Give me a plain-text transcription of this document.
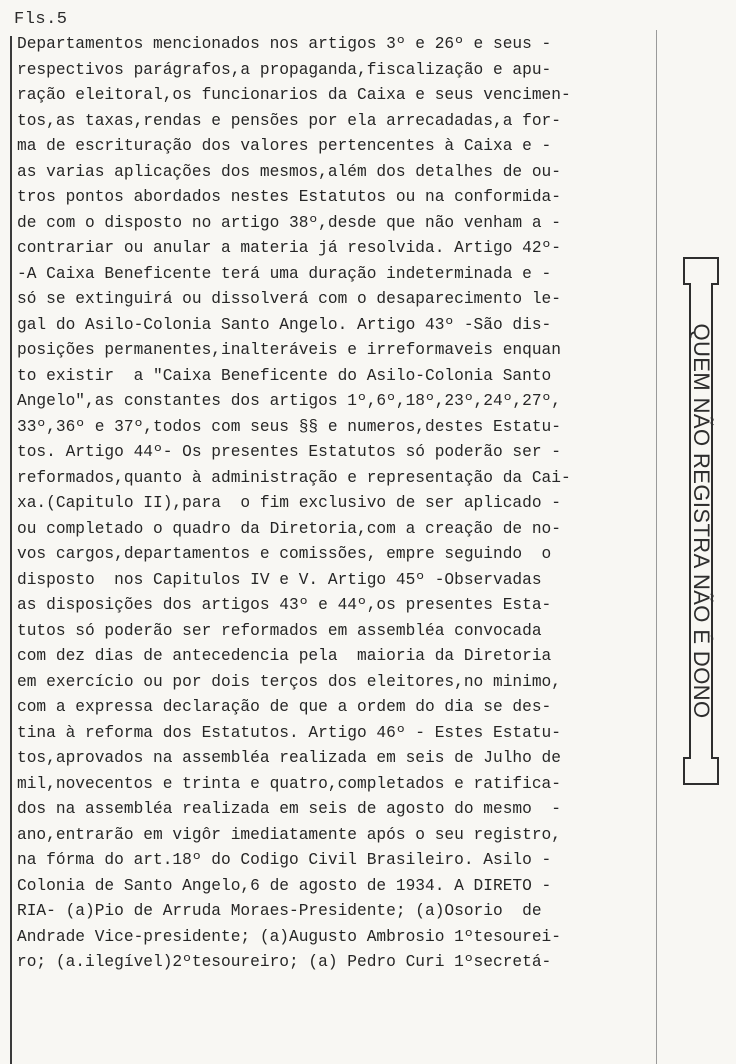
Fls.5
Departamentos mencionados nos artigos 3º e 26º e seus -
respectivos parágrafos,a propaganda,fiscalização e apu-
ração eleitoral,os funcionarios da Caixa e seus vencimen-
tos,as taxas,rendas e pensões por ela arrecadadas,a for-
ma de escrituração dos valores pertencentes à Caixa e -
as varias aplicações dos mesmos,além dos detalhes de ou-
tros pontos abordados nestes Estatutos ou na conformida-
de com o disposto no artigo 38º,desde que não venham a -
contrariar ou anular a materia já resolvida. Artigo 42º-
-A Caixa Beneficente terá uma duração indeterminada e -
só se extinguirá ou dissolverá com o desaparecimento le-
gal do Asilo-Colonia Santo Angelo. Artigo 43º -São dis-
posições permanentes,inalteráveis e irreformaveis enquan
to existir  a "Caixa Beneficente do Asilo-Colonia Santo
Angelo",as constantes dos artigos 1º,6º,18º,23º,24º,27º,
33º,36º e 37º,todos com seus §§ e numeros,destes Estatu-
tos. Artigo 44º- Os presentes Estatutos só poderão ser -
reformados,quanto à administração e representação da Cai-
xa.(Capitulo II),para  o fim exclusivo de ser aplicado -
ou completado o quadro da Diretoria,com a creação de no-
vos cargos,departamentos e comissões, empre seguindo  o
disposto  nos Capitulos IV e V. Artigo 45º -Observadas
as disposições dos artigos 43º e 44º,os presentes Esta-
tutos só poderão ser reformados em assembléa convocada
com dez dias de antecedencia pela  maioria da Diretoria
em exercício ou por dois terços dos eleitores,no minimo,
com a expressa declaração de que a ordem do dia se des-
tina à reforma dos Estatutos. Artigo 46º - Estes Estatu-
tos,aprovados na assembléa realizada em seis de Julho de
mil,novecentos e trinta e quatro,completados e ratifica-
dos na assembléa realizada em seis de agosto do mesmo  -
ano,entrarão em vigôr imediatamente após o seu registro,
na fórma do art.18º do Codigo Civil Brasileiro. Asilo -
Colonia de Santo Angelo,6 de agosto de 1934. A DIRETO -
RIA- (a)Pio de Arruda Moraes-Presidente; (a)Osorio  de
Andrade Vice-presidente; (a)Augusto Ambrosio 1ºtesourei-
ro; (a.ilegível)2ºtesoureiro; (a) Pedro Curi 1ºsecretá-
QUEM NÃO REGISTRA NÃO É DONO
